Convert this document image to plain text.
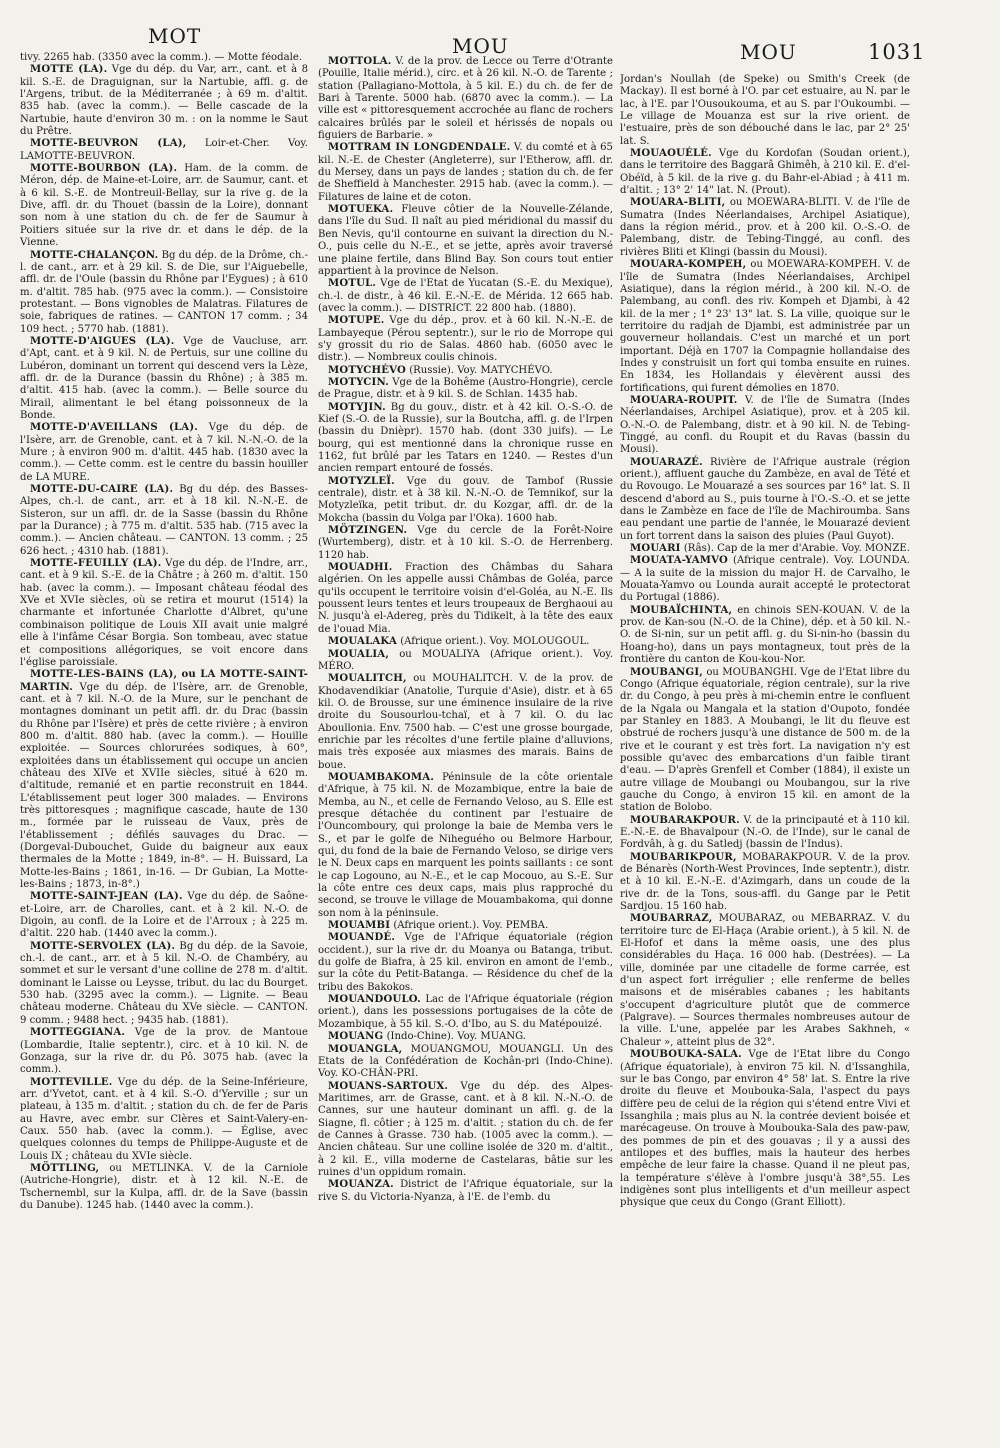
MOT	MOU	MOU	1031

tivy. 2265 hab. (3350 avec la comm.). — Motte féodale.

MOTTE (LA). Vge du dép. du Var, arr., cant. et à 8 kil. S.-E. de Draguignan, sur la Nartubie, affl. g. de l'Argens, tribut. de la Méditerranée ; à 69 m. d'altit. 835 hab. (avec la comm.). — Belle cascade de la Nartubie, haute d'environ 30 m. : on la nomme le Saut du Prêtre.

MOTTE-BEUVRON (LA), Loir-et-Cher. Voy. LAMOTTE-BEUVRON.

MOTTE-BOURBON (LA). Ham. de la comm. de Méron, dép. de Maine-et-Loire, arr. de Saumur, cant. et à 6 kil. S.-E. de Montreuil-Bellay, sur la rive g. de la Dive, affl. dr. du Thouet (bassin de la Loire), donnant son nom à une station du ch. de fer de Saumur à Poitiers située sur la rive dr. et dans le dép. de la Vienne.

MOTTE-CHALANÇON. Bg du dép. de la Drôme, ch.-l. de cant., arr. et à 29 kil. S. de Die, sur l'Aiguebelle, affl. dr. de l'Oule (bassin du Rhône par l'Eygues) ; à 610 m. d'altit. 785 hab. (975 avec la comm.). — Consistoire protestant. — Bons vignobles de Malatras. Filatures de soie, fabriques de ratines. — CANTON 17 comm. ; 34 109 hect. ; 5770 hab. (1881).

MOTTE-D'AIGUES (LA). Vge de Vaucluse, arr. d'Apt, cant. et à 9 kil. N. de Pertuis, sur une colline du Lubéron, dominant un torrent qui descend vers la Lèze, affl. dr. de la Durance (bassin du Rhône) ; à 385 m. d'altit. 415 hab. (avec la comm.). — Belle source du Mirail, alimentant le bel étang poissonneux de la Bonde.

MOTTE-D'AVEILLANS (LA). Vge du dép. de l'Isère, arr. de Grenoble, cant. et à 7 kil. N.-N.-O. de la Mure ; à environ 900 m. d'altit. 445 hab. (1830 avec la comm.). — Cette comm. est le centre du bassin houiller de LA MURE.

MOTTE-DU-CAIRE (LA). Bg du dép. des Basses-Alpes, ch.-l. de cant., arr. et à 18 kil. N.-N.-E. de Sisteron, sur un affl. dr. de la Sasse (bassin du Rhône par la Durance) ; à 775 m. d'altit. 535 hab. (715 avec la comm.). — Ancien château. — CANTON. 13 comm. ; 25 626 hect. ; 4310 hab. (1881).

MOTTE-FEUILLY (LA). Vge du dép. de l'Indre, arr., cant. et à 9 kil. S.-E. de la Châtre ; à 260 m. d'altit. 150 hab. (avec la comm.). — Imposant château féodal des XVe et XVIe siècles, où se retira et mourut (1514) la charmante et infortunée Charlotte d'Albret, qu'une combinaison politique de Louis XII avait unie malgré elle à l'infâme César Borgia. Son tombeau, avec statue et compositions allégoriques, se voit encore dans l'église paroissiale.

MOTTE-LES-BAINS (LA), ou LA MOTTE-SAINT-MARTIN. Vge du dép. de l'Isère, arr. de Grenoble, cant. et à 7 kil. N.-O. de la Mure, sur le penchant de montagnes dominant un petit affl. dr. du Drac (bassin du Rhône par l'Isère) et près de cette rivière ; à environ 800 m. d'altit. 880 hab. (avec la comm.). — Houille exploitée. — Sources chlorurées sodiques, à 60°, exploitées dans un établissement qui occupe un ancien château des XIVe et XVIIe siècles, situé à 620 m. d'altitude, remanié et en partie reconstruit en 1844. L'établissement peut loger 300 malades. — Environs très pittoresques ; magnifique cascade, haute de 130 m., formée par le ruisseau de Vaux, près de l'établissement ; défilés sauvages du Drac. — (Dorgeval-Dubouchet, Guide du baigneur aux eaux thermales de la Motte ; 1849, in-8°. — H. Buissard, La Motte-les-Bains ; 1861, in-16. — Dr Gubian, La Motte-les-Bains ; 1873, in-8°.)

MOTTE-SAINT-JEAN (LA). Vge du dép. de Saône-et-Loire, arr. de Charolles, cant. et à 2 kil. N.-O. de Digoin, au confl. de la Loire et de l'Arroux ; à 225 m. d'altit. 220 hab. (1440 avec la comm.).

MOTTE-SERVOLEX (LA). Bg du dép. de la Savoie, ch.-l. de cant., arr. et à 5 kil. N.-O. de Chambéry, au sommet et sur le versant d'une colline de 278 m. d'altit. dominant le Laisse ou Leysse, tribut. du lac du Bourget. 530 hab. (3295 avec la comm.). — Lignite. — Beau château moderne. Château du XVe siècle. — CANTON. 9 comm. ; 9488 hect. ; 9435 hab. (1881).

MOTTEGGIANA. Vge de la prov. de Mantoue (Lombardie, Italie septentr.), circ. et à 10 kil. N. de Gonzaga, sur la rive dr. du Pô. 3075 hab. (avec la comm.).

MOTTEVILLE. Vge du dép. de la Seine-Inférieure, arr. d'Yvetot, cant. et à 4 kil. S.-O. d'Yerville ; sur un plateau, à 135 m. d'altit. ; station du ch. de fer de Paris au Havre, avec embr. sur Clères et Saint-Valery-en-Caux. 550 hab. (avec la comm.). — Église, avec quelques colonnes du temps de Philippe-Auguste et de Louis IX ; château du XVIe siècle.

MÖTTLING, ou METLINKA. V. de la Carniole (Autriche-Hongrie), distr. et à 12 kil. N.-E. de Tschernembl, sur la Kulpa, affl. dr. de la Save (bassin du Danube). 1245 hab. (1440 avec la comm.).

MOTTOLA. V. de la prov. de Lecce ou Terre d'Otrante (Pouille, Italie mérid.), circ. et à 26 kil. N.-O. de Tarente ; station (Pallagiano-Mottola, à 5 kil. E.) du ch. de fer de Bari à Tarente. 5000 hab. (6870 avec la comm.). — La ville est « pittoresquement accrochée au flanc de rochers calcaires brûlés par le soleil et hérissés de nopals ou figuiers de Barbarie. »

MOTTRAM IN LONGDENDALE. V. du comté et à 65 kil. N.-E. de Chester (Angleterre), sur l'Etherow, affl. dr. du Mersey, dans un pays de landes ; station du ch. de fer de Sheffield à Manchester. 2915 hab. (avec la comm.). — Filatures de laine et de coton.

MOTUEKA. Fleuve côtier de la Nouvelle-Zélande, dans l'île du Sud. Il naît au pied méridional du massif du Ben Nevis, qu'il contourne en suivant la direction du N.-O., puis celle du N.-E., et se jette, après avoir traversé une plaine fertile, dans Blind Bay. Son cours tout entier appartient à la province de Nelson.

MOTUL. Vge de l'Etat de Yucatan (S.-E. du Mexique), ch.-l. de distr., à 46 kil. E.-N.-E. de Mérida. 12 665 hab. (avec la comm.). — DISTRICT. 22 800 hab. (1880).

MOTUPE. Vge du dép., prov. et à 60 kil. N.-N.-E. de Lambayeque (Pérou septentr.), sur le rio de Morrope qui s'y grossit du rio de Salas. 4860 hab. (6050 avec le distr.). — Nombreux coulis chinois.

MOTYCHÉVO (Russie). Voy. MATYCHÉVO.

MOTYCIN. Vge de la Bohême (Austro-Hongrie), cercle de Prague, distr. et à 9 kil. S. de Schlan. 1435 hab.

MOTYJIN. Bg du gouv., distr. et à 42 kil. O.-S.-O. de Kief (S.-O. de la Russie), sur la Boutcha, affl. g. de l'Irpen (bassin du Dnièpr). 1570 hab. (dont 330 juifs). — Le bourg, qui est mentionné dans la chronique russe en 1162, fut brûlé par les Tatars en 1240. — Restes d'un ancien rempart entouré de fossés.

MOTYZLEÏ. Vge du gouv. de Tambof (Russie centrale), distr. et à 38 kil. N.-N.-O. de Temnikof, sur la Motyzleïka, petit tribut. dr. du Kozgar, affl. dr. de la Mokcha (bassin du Volga par l'Oka). 1600 hab.

MÖTZINGEN. Vge du cercle de la Forêt-Noire (Wurtemberg), distr. et à 10 kil. S.-O. de Herrenberg. 1120 hab.

MOUADHI. Fraction des Châmbas du Sahara algérien. On les appelle aussi Châmbas de Goléa, parce qu'ils occupent le territoire voisin d'el-Goléa, au N.-E. Ils poussent leurs tentes et leurs troupeaux de Berghaoui au N. jusqu'à el-Adereg, près du Tidikelt, à la tête des eaux de l'ouad Mia.

MOUALAKA (Afrique orient.). Voy. MOLOUGOUL.

MOUALIA, ou MOUALIYA (Afrique orient.). Voy. MÉRO.

MOUALITCH, ou MOUHALITCH. V. de la prov. de Khodavendikiar (Anatolie, Turquie d'Asie), distr. et à 65 kil. O. de Brousse, sur une éminence insulaire de la rive droite du Sousourlou-tchaï, et à 7 kil. O. du lac Aboullonia. Env. 7500 hab. — C'est une grosse bourgade, enrichie par les récoltes d'une fertile plaine d'alluvions, mais très exposée aux miasmes des marais. Bains de boue.

MOUAMBAKOMA. Péninsule de la côte orientale d'Afrique, à 75 kil. N. de Mozambique, entre la baie de Memba, au N., et celle de Fernando Veloso, au S. Elle est presque détachée du continent par l'estuaire de l'Ouncomboury, qui prolonge la baie de Memba vers le S., et par le golfe de Niheguého ou Belmore Harbour, qui, du fond de la baie de Fernando Veloso, se dirige vers le N. Deux caps en marquent les points saillants : ce sont le cap Logouno, au N.-E., et le cap Mocouo, au S.-E. Sur la côte entre ces deux caps, mais plus rapproché du second, se trouve le village de Mouambakoma, qui donne son nom à la péninsule.

MOUAMBI (Afrique orient.). Voy. PEMBA.

MOUANDÉ. Vge de l'Afrique équatoriale (région occident.), sur la rive dr. du Moanya ou Batanga, tribut. du golfe de Biafra, à 25 kil. environ en amont de l'emb., sur la côte du Petit-Batanga. — Résidence du chef de la tribu des Bakokos.

MOUANDOULO. Lac de l'Afrique équatoriale (région orient.), dans les possessions portugaises de la côte de Mozambique, à 55 kil. S.-O. d'Ibo, au S. du Matépouizé.

MOUANG (Indo-Chine). Voy. MUANG.

MOUANGLA, MOUANGMOU, MOUANGLI. Un des Etats de la Confédération de Kochân-pri (Indo-Chine). Voy. KO-CHÂN-PRI.

MOUANS-SARTOUX. Vge du dép. des Alpes-Maritimes, arr. de Grasse, cant. et à 8 kil. N.-N.-O. de Cannes, sur une hauteur dominant un affl. g. de la Siagne, fl. côtier ; à 125 m. d'altit. ; station du ch. de fer de Cannes à Grasse. 730 hab. (1005 avec la comm.). — Ancien château. Sur une colline isolée de 320 m. d'altit., à 2 kil. E., villa moderne de Castelaras, bâtie sur les ruines d'un oppidum romain.

MOUANZA. District de l'Afrique équatoriale, sur la rive S. du Victoria-Nyanza, à l'E. de l'emb. du

Jordan's Noullah (de Speke) ou Smith's Creek (de Mackay). Il est borné à l'O. par cet estuaire, au N. par le lac, à l'E. par l'Ousoukouma, et au S. par l'Oukoumbi. — Le village de Mouanza est sur la rive orient. de l'estuaire, près de son débouché dans le lac, par 2° 25' lat. S.

MOUAOUÉLÉ. Vge du Kordofan (Soudan orient.), dans le territoire des Baggarâ Ghimêh, à 210 kil. E. d'el-Obéïd, à 5 kil. de la rive g. du Bahr-el-Abiad ; à 411 m. d'altit. ; 13° 2' 14" lat. N. (Prout).

MOUARA-BLITI, ou MOEWARA-BLITI. V. de l'île de Sumatra (Indes Néerlandaises, Archipel Asiatique), dans la région mérid., prov. et à 200 kil. O.-S.-O. de Palembang, distr. de Tebing-Tinggé, au confl. des rivières Bliti et Klingi (bassin du Mousi).

MOUARA-KOMPEH, ou MOEWARA-KOMPEH. V. de l'île de Sumatra (Indes Néerlandaises, Archipel Asiatique), dans la région mérid., à 200 kil. N.-O. de Palembang, au confl. des riv. Kompeh et Djambi, à 42 kil. de la mer ; 1° 23' 13" lat. S. La ville, quoique sur le territoire du radjah de Djambi, est administrée par un gouverneur hollandais. C'est un marché et un port important. Déjà en 1707 la Compagnie hollandaise des Indes y construisit un fort qui tomba ensuite en ruines. En 1834, les Hollandais y élevèrent aussi des fortifications, qui furent démolies en 1870.

MOUARA-ROUPIT. V. de l'île de Sumatra (Indes Néerlandaises, Archipel Asiatique), prov. et à 205 kil. O.-N.-O. de Palembang, distr. et à 90 kil. N. de Tebing-Tinggé, au confl. du Roupit et du Ravas (bassin du Mousi).

MOUARAZÉ. Rivière de l'Afrique australe (région orient.), affluent gauche du Zambèze, en aval de Tété et du Rovougo. Le Mouarazé a ses sources par 16° lat. S. Il descend d'abord au S., puis tourne à l'O.-S.-O. et se jette dans le Zambèze en face de l'île de Machiroumba. Sans eau pendant une partie de l'année, le Mouarazé devient un fort torrent dans la saison des pluies (Paul Guyot).

MOUARI (Râs). Cap de la mer d'Arabie. Voy. MONZE.

MOUATA-YAMVO (Afrique centrale). Voy. LOUNDA. — A la suite de la mission du major H. de Carvalho, le Mouata-Yamvo ou Lounda aurait accepté le protectorat du Portugal (1886).

MOUBAÏCHINTA, en chinois SEN-KOUAN. V. de la prov. de Kan-sou (N.-O. de la Chine), dép. et à 50 kil. N.-O. de Si-nin, sur un petit affl. g. du Si-nin-ho (bassin du Hoang-ho), dans un pays montagneux, tout près de la frontière du canton de Kou-kou-Nor.

MOUBANGI, ou MOUBANGHI. Vge de l'Etat libre du Congo (Afrique équatoriale, région centrale), sur la rive dr. du Congo, à peu près à mi-chemin entre le confluent de la Ngala ou Mangala et la station d'Oupoto, fondée par Stanley en 1883. A Moubangi, le lit du fleuve est obstrué de rochers jusqu'à une distance de 500 m. de la rive et le courant y est très fort. La navigation n'y est possible qu'avec des embarcations d'un faible tirant d'eau. — D'après Grenfell et Comber (1884), il existe un autre village de Moubangi ou Moubangou, sur la rive gauche du Congo, à environ 15 kil. en amont de la station de Bolobo.

MOUBARAKPOUR. V. de la principauté et à 110 kil. E.-N.-E. de Bhavalpour (N.-O. de l'Inde), sur le canal de Fordvâh, à g. du Satledj (bassin de l'Indus).

MOUBARIKPOUR, MOBARAKPOUR. V. de la prov. de Bénarès (North-West Provinces, Inde septentr.), distr. et à 10 kil. E.-N.-E. d'Azimgarh, dans un coude de la rive dr. de la Tons, sous-affl. du Gange par le Petit Sardjou. 15 160 hab.

MOUBARRAZ, MOUBARAZ, ou MEBARRAZ. V. du territoire turc de El-Haça (Arabie orient.), à 5 kil. N. de El-Hofof et dans la même oasis, une des plus considérables du Haça. 16 000 hab. (Destrées). — La ville, dominée par une citadelle de forme carrée, est d'un aspect fort irrégulier ; elle renferme de belles maisons et de misérables cabanes ; les habitants s'occupent d'agriculture plutôt que de commerce (Palgrave). — Sources thermales nombreuses autour de la ville. L'une, appelée par les Arabes Sakhneh, « Chaleur », atteint plus de 32°.

MOUBOUKA-SALA. Vge de l'Etat libre du Congo (Afrique équatoriale), à environ 75 kil. N. d'Issanghila, sur le bas Congo, par environ 4° 58' lat. S. Entre la rive droite du fleuve et Moubouka-Sala, l'aspect du pays diffère peu de celui de la région qui s'étend entre Vivi et Issanghila ; mais plus au N. la contrée devient boisée et marécageuse. On trouve à Moubouka-Sala des paw-paw, des pommes de pin et des gouavas ; il y a aussi des antilopes et des buffles, mais la hauteur des herbes empêche de leur faire la chasse. Quand il ne pleut pas, la température s'élève à l'ombre jusqu'à 38°,55. Les indigènes sont plus intelligents et d'un meilleur aspect physique que ceux du Congo (Grant Elliott).
